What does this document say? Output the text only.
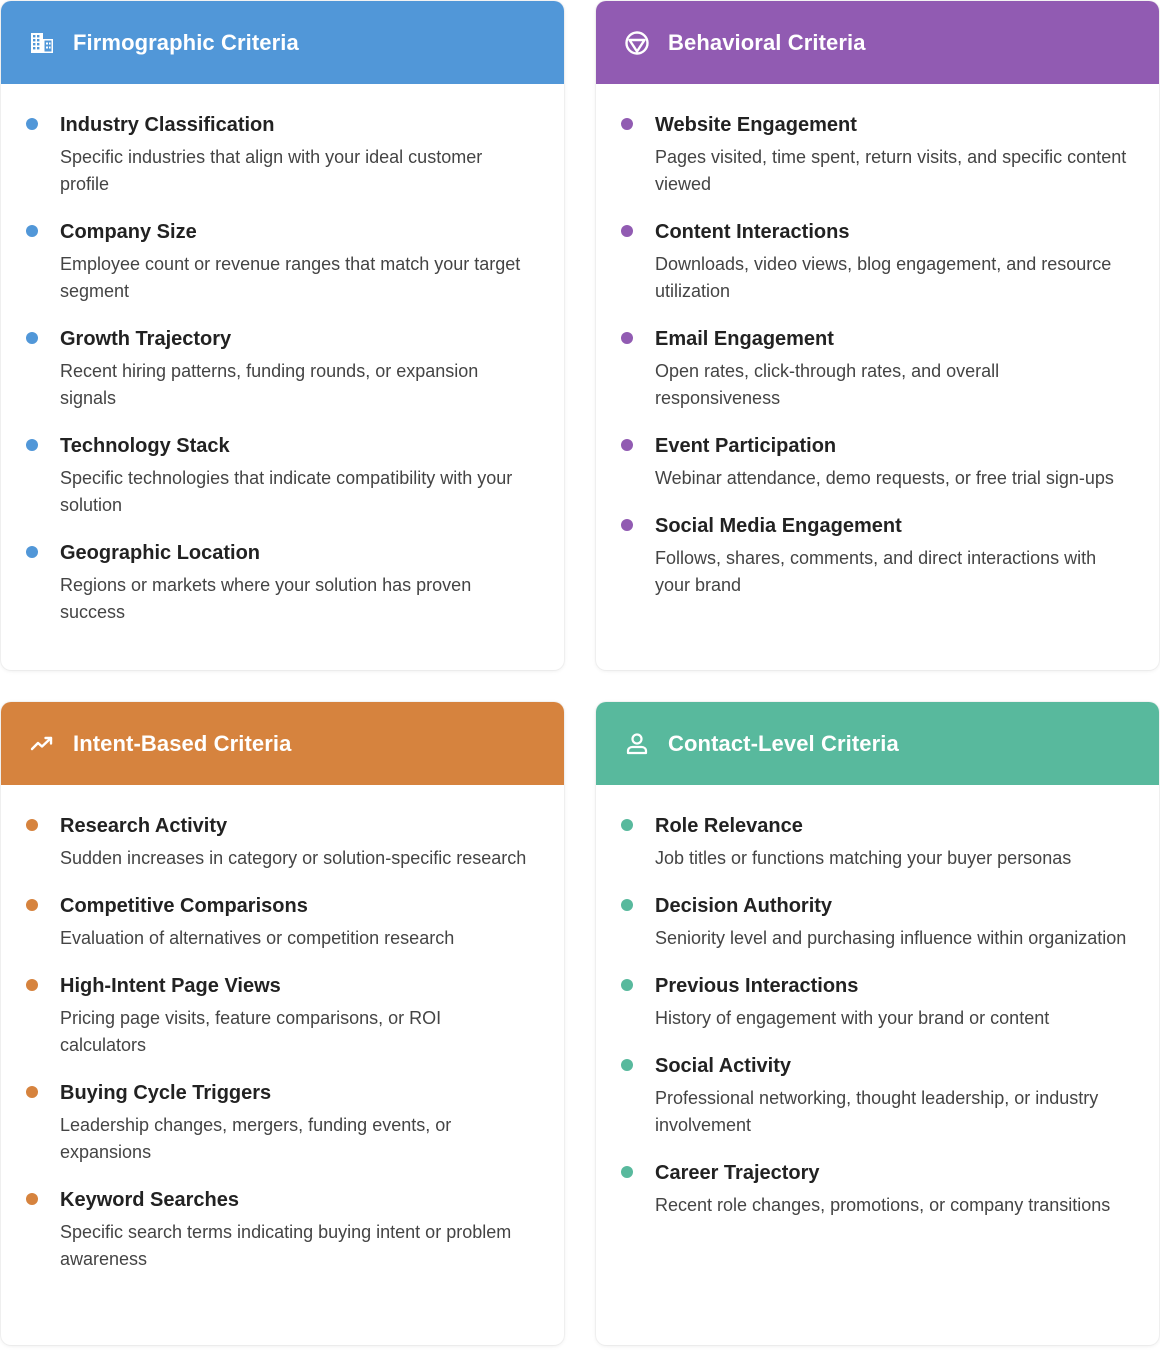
Firmographic Criteria
Industry Classification
Specific industries that align with your ideal customer profile
Company Size
Employee count or revenue ranges that match your target segment
Growth Trajectory
Recent hiring patterns, funding rounds, or expansion signals
Technology Stack
Specific technologies that indicate compatibility with your solution
Geographic Location
Regions or markets where your solution has proven success
Behavioral Criteria
Website Engagement
Pages visited, time spent, return visits, and specific content viewed
Content Interactions
Downloads, video views, blog engagement, and resource utilization
Email Engagement
Open rates, click-through rates, and overall responsiveness
Event Participation
Webinar attendance, demo requests, or free trial sign-ups
Social Media Engagement
Follows, shares, comments, and direct interactions with your brand
Intent-Based Criteria
Research Activity
Sudden increases in category or solution-specific research
Competitive Comparisons
Evaluation of alternatives or competition research
High-Intent Page Views
Pricing page visits, feature comparisons, or ROI calculators
Buying Cycle Triggers
Leadership changes, mergers, funding events, or expansions
Keyword Searches
Specific search terms indicating buying intent or problem awareness
Contact-Level Criteria
Role Relevance
Job titles or functions matching your buyer personas
Decision Authority
Seniority level and purchasing influence within organization
Previous Interactions
History of engagement with your brand or content
Social Activity
Professional networking, thought leadership, or industry involvement
Career Trajectory
Recent role changes, promotions, or company transitions
